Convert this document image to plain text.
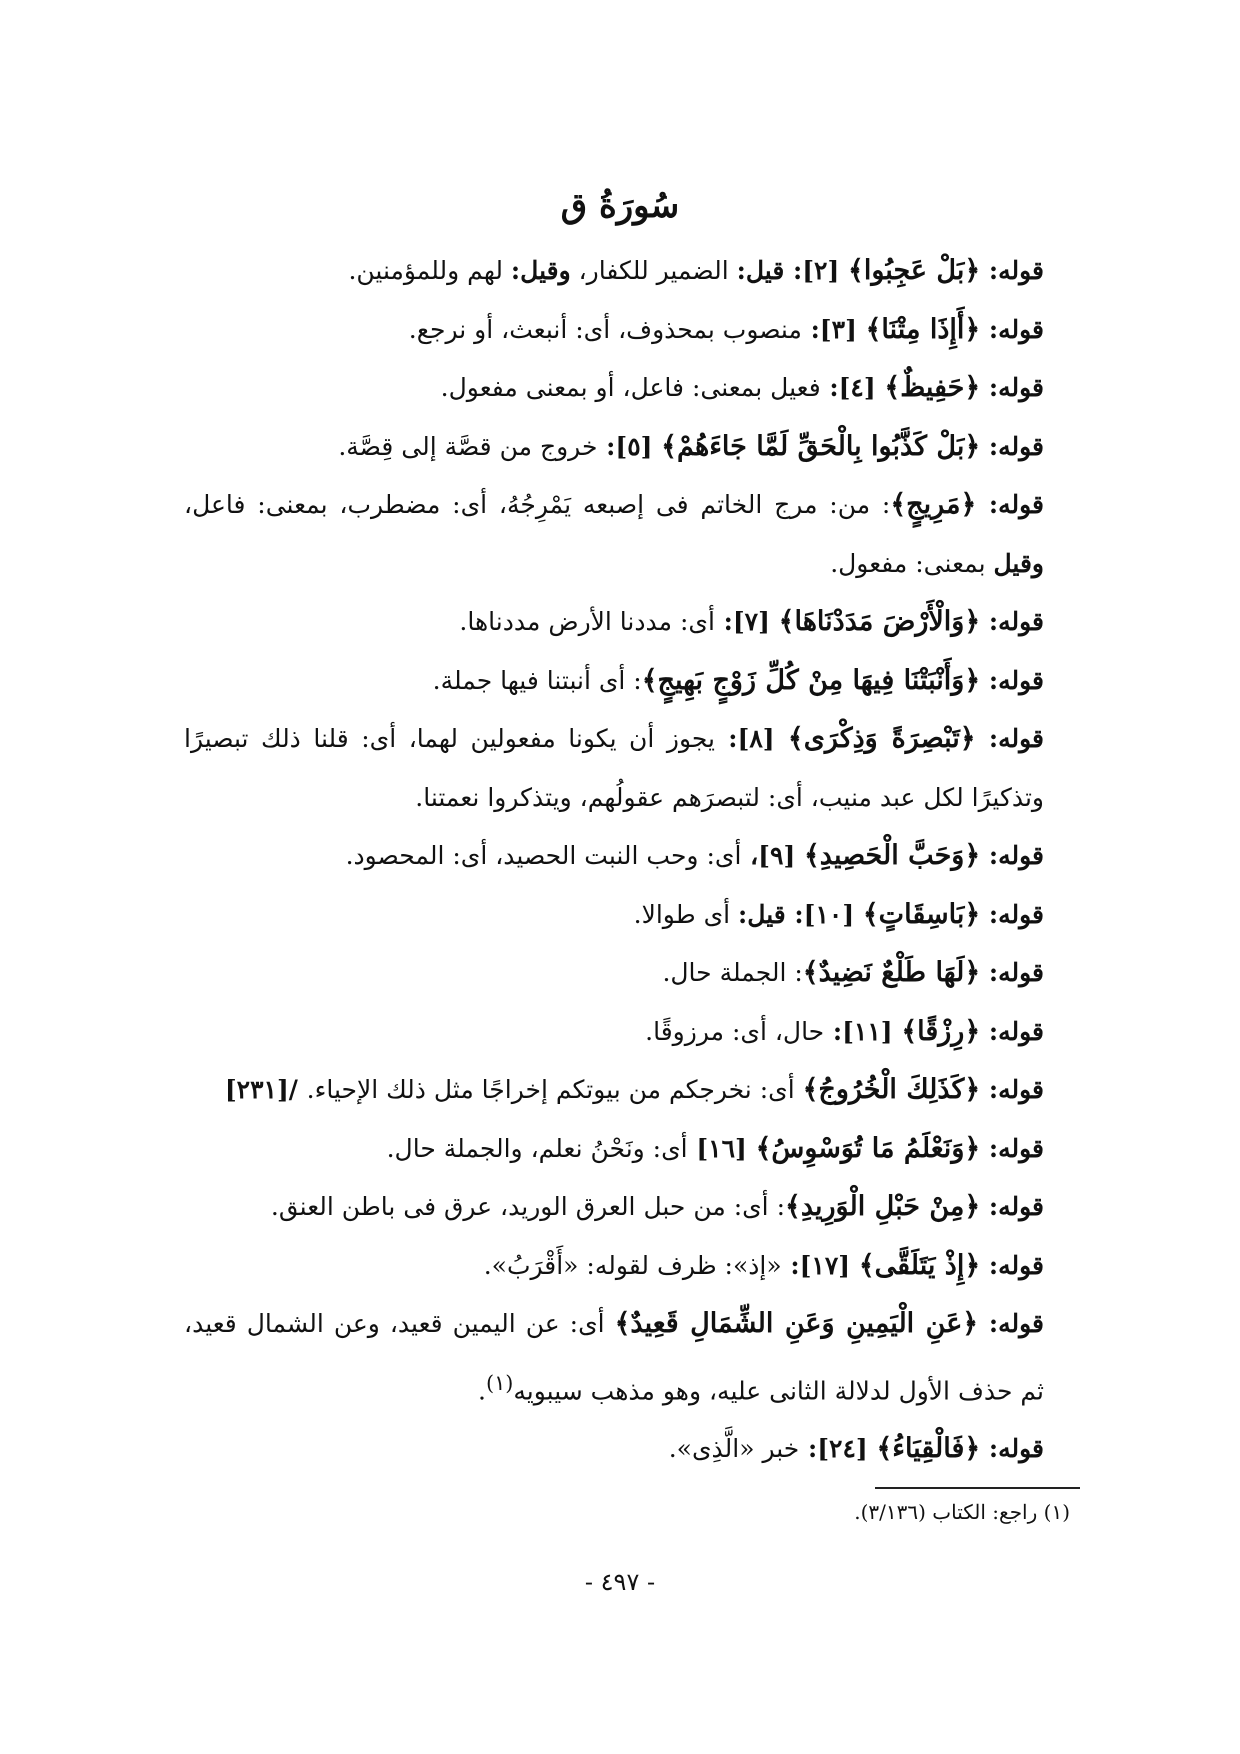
سُورَةُ ق

قوله: ﴿بَلْ عَجِبُوا﴾ [٢]: قيل: الضمير للكفار، وقيل: لهم وللمؤمنين.

قوله: ﴿أَإِذَا مِتْنَا﴾ [٣]: منصوب بمحذوف، أى: أنبعث، أو نرجع.

قوله: ﴿حَفِيظٌ﴾ [٤]: فعيل بمعنى: فاعل، أو بمعنى مفعول.

قوله: ﴿بَلْ كَذَّبُوا بِالْحَقِّ لَمَّا جَاءَهُمْ﴾ [٥]: خروج من قصَّة إلى قِصَّة.

قوله: ﴿مَرِيجٍ﴾: من: مرج الخاتم فى إصبعه يَمْرِجُهُ، أى: مضطرب، بمعنى: فاعل، وقيل بمعنى: مفعول.

قوله: ﴿وَالْأَرْضَ مَدَدْنَاهَا﴾ [٧]: أى: مددنا الأرض مددناها.

قوله: ﴿وَأَنْبَتْنَا فِيهَا مِنْ كُلِّ زَوْجٍ بَهِيجٍ﴾: أى أنبتنا فيها جملة.

قوله: ﴿تَبْصِرَةً وَذِكْرَى﴾ [٨]: يجوز أن يكونا مفعولين لهما، أى: قلنا ذلك تبصيرًا وتذكيرًا لكل عبد منيب، أى: لتبصرَهم عقولُهم، ويتذكروا نعمتنا.

قوله: ﴿وَحَبَّ الْحَصِيدِ﴾ [٩]، أى: وحب النبت الحصيد، أى: المحصود.

قوله: ﴿بَاسِقَاتٍ﴾ [١٠]: قيل: أى طوالا.

قوله: ﴿لَهَا طَلْعٌ نَضِيدٌ﴾: الجملة حال.

قوله: ﴿رِزْقًا﴾ [١١]: حال، أى: مرزوقًا.

قوله: ﴿كَذَلِكَ الْخُرُوجُ﴾ أى: نخرجكم من بيوتكم إخراجًا مثل ذلك الإحياء. /[٢٣١]

قوله: ﴿وَنَعْلَمُ مَا تُوَسْوِسُ﴾ [١٦] أى: ونَحْنُ نعلم، والجملة حال.

قوله: ﴿مِنْ حَبْلِ الْوَرِيدِ﴾: أى: من حبل العرق الوريد، عرق فى باطن العنق.

قوله: ﴿إِذْ يَتَلَقَّى﴾ [١٧]: «إذ»: ظرف لقوله: «أَقْرَبُ».

قوله: ﴿عَنِ الْيَمِينِ وَعَنِ الشِّمَالِ قَعِيدٌ﴾ أى: عن اليمين قعيد، وعن الشمال قعيد، ثم حذف الأول لدلالة الثانى عليه، وهو مذهب سيبويه$^{(١)}$.

قوله: ﴿فَالْقِيَاءُ﴾ [٢٤]: خبر «الَّذِى».

(١) راجع: الكتاب (٣/١٣٦).
- ٤٩٧ -
